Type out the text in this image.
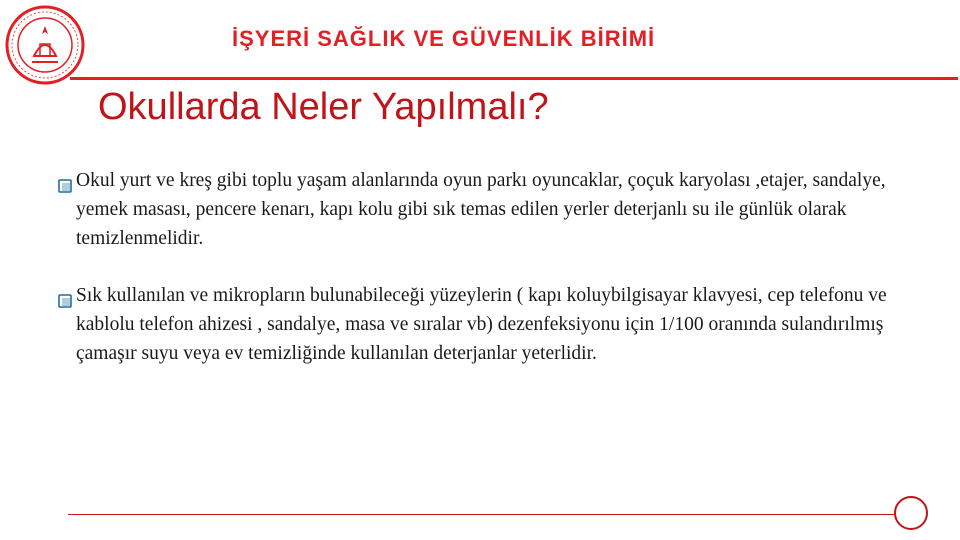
İŞYERİ SAĞLIK VE GÜVENLİK BİRİMİ
Okullarda Neler Yapılmalı?
Okul yurt ve kreş gibi toplu yaşam alanlarında oyun parkı oyuncaklar, çoçuk karyolası ,etajer, sandalye, yemek masası, pencere kenarı, kapı kolu gibi sık temas edilen yerler deterjanlı su ile günlük olarak temizlenmelidir.
Sık kullanılan ve mikropların bulunabileceği yüzeylerin ( kapı koluybilgisayar klavyesi, cep telefonu ve kablolu telefon ahizesi , sandalye, masa ve sıralar vb) dezenfeksiyonu için 1/100 oranında sulandırılmış çamaşır suyu veya ev temizliğinde kullanılan deterjanlar yeterlidir.
